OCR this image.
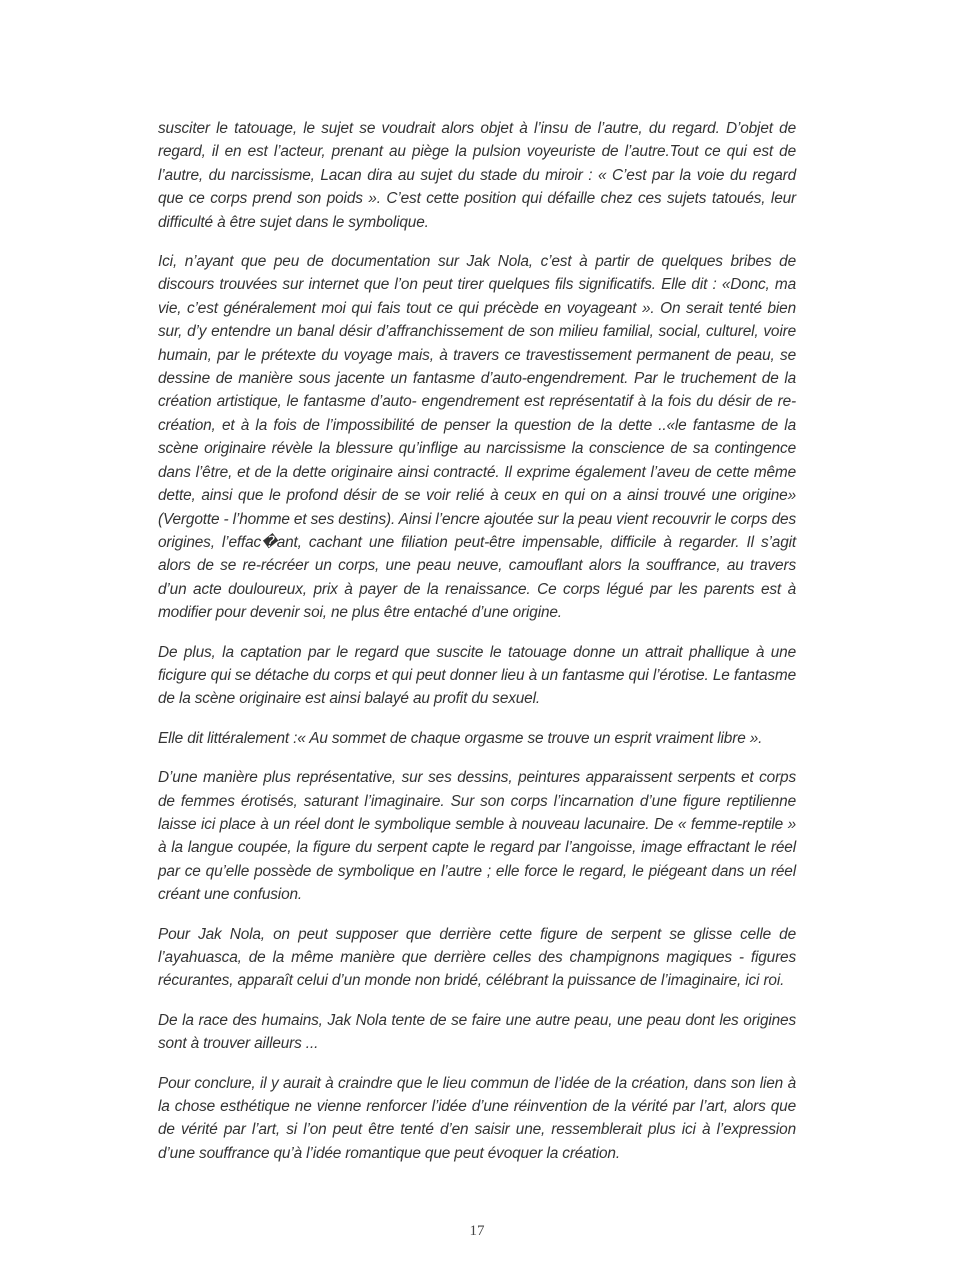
susciter le tatouage, le sujet se voudrait alors objet à l’insu de l’autre, du regard. D’objet de regard, il en est l’acteur, prenant au piège la pulsion voyeuriste de l’autre.Tout ce qui est de l’autre, du narcissisme, Lacan dira au sujet du stade du miroir : « C’est par la voie du regard que ce corps prend son poids ». C’est cette position qui défaille chez ces sujets tatoués, leur difficulté à être sujet dans le symbolique.

Ici, n’ayant que peu de documentation sur Jak Nola, c’est à partir de quelques bribes de discours trouvées sur internet que l’on peut tirer quelques fils significatifs. Elle dit : «Donc, ma vie, c’est généralement moi qui fais tout ce qui précède en voyageant ». On serait tenté bien sur, d’y entendre un banal désir d’affranchissement de son milieu familial, social, culturel, voire humain, par le prétexte du voyage mais, à travers ce travestissement permanent de peau, se dessine de manière sous jacente un fantasme d’auto-engendrement. Par le truchement de la création artistique, le fantasme d’auto- engendrement est représentatif à la fois du désir de re-création, et à la fois de l’impossibilité de penser la question de la dette ..«le fantasme de la scène originaire révèle la blessure qu’inflige au narcissisme la conscience de sa contingence dans l’être, et de la dette originaire ainsi contracté. Il exprime également l’aveu de cette même dette, ainsi que le profond désir de se voir relié à ceux en qui on a ainsi trouvé une origine» (Vergotte - l’homme et ses destins). Ainsi l’encre ajoutée sur la peau vient recouvrir le corps des origines, l’effac�ant, cachant une filiation peut-être impensable, difficile à regarder. Il s’agit alors de se re-récréer un corps, une peau neuve, camouflant alors la souffrance, au travers d’un acte douloureux, prix à payer de la renaissance. Ce corps légué par les parents est à modifier pour devenir soi, ne plus être entaché d’une origine.

De plus, la captation par le regard que suscite le tatouage donne un attrait phallique à une ficigure qui se détache du corps et qui peut donner lieu à un fantasme qui l’érotise. Le fantasme de la scène originaire est ainsi balayé au profit du sexuel.

Elle dit littéralement :« Au sommet de chaque orgasme se trouve un esprit vraiment libre ».

D’une manière plus représentative, sur ses dessins, peintures apparaissent serpents et corps de femmes érotisés, saturant l’imaginaire. Sur son corps l’incarnation d’une figure reptilienne laisse ici place à un réel dont le symbolique semble à nouveau lacunaire. De « femme-reptile » à la langue coupée, la figure du serpent capte le regard par l’angoisse, image effractant le réel par ce qu’elle possède de symbolique en l’autre ; elle force le regard, le piégeant dans un réel créant une confusion.

Pour Jak Nola, on peut supposer que derrière cette figure de serpent se glisse celle de l’ayahuasca, de la même manière que derrière celles des champignons magiques - figures récurantes, apparaît celui d’un monde non bridé, célébrant la puissance de l’imaginaire, ici roi.

De la race des humains, Jak Nola tente de se faire une autre peau, une peau dont les origines sont à trouver ailleurs ...

Pour conclure, il y aurait à craindre que le lieu commun de l’idée de la création, dans son lien à la chose esthétique ne vienne renforcer l’idée d’une réinvention de la vérité par l’art, alors que de vérité par l’art, si l’on peut être tenté d’en saisir une, ressemblerait plus ici à l’expression d’une souffrance qu’à l’idée romantique que peut évoquer la création.

17
